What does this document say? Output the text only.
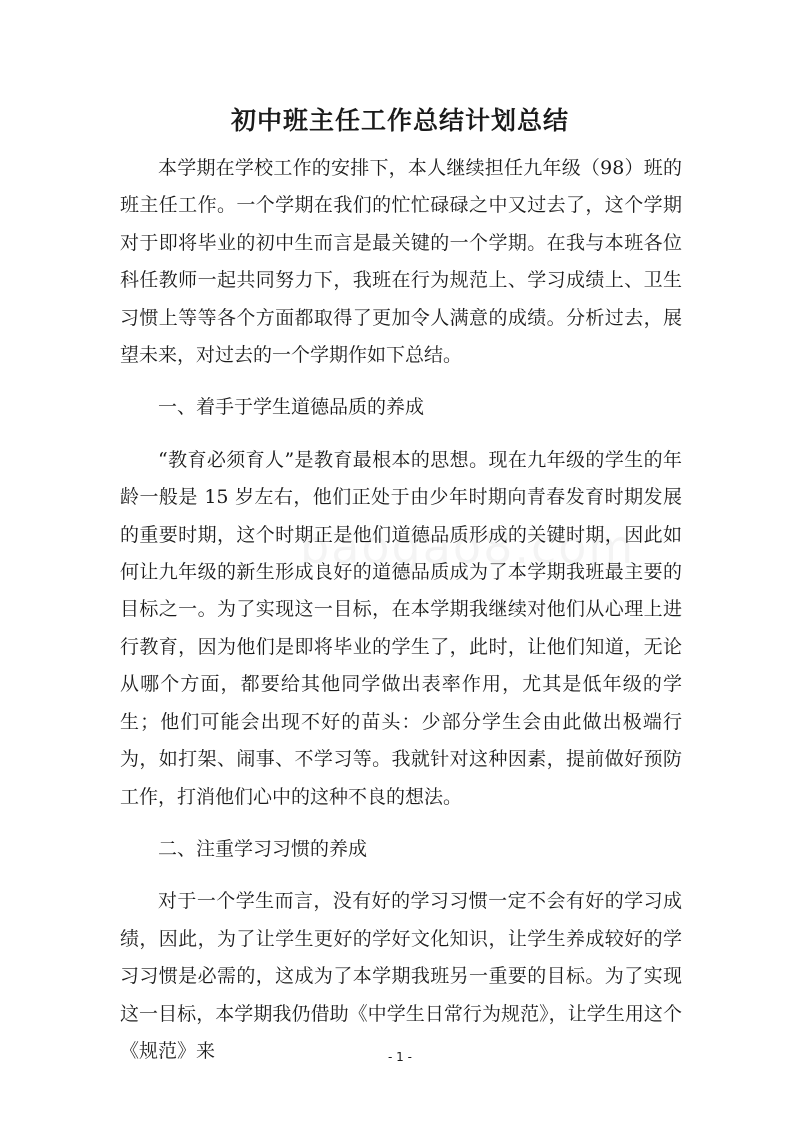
初中班主任工作总结计划总结

本学期在学校工作的安排下，本人继续担任九年级（98）班的班主任工作。一个学期在我们的忙忙碌碌之中又过去了，这个学期对于即将毕业的初中生而言是最关键的一个学期。在我与本班各位科任教师一起共同努力下，我班在行为规范上、学习成绩上、卫生习惯上等等各个方面都取得了更加令人满意的成绩。分析过去，展望未来，对过去的一个学期作如下总结。

一、着手于学生道德品质的养成

“教育必须育人”是教育最根本的思想。现在九年级的学生的年龄一般是 15 岁左右，他们正处于由少年时期向青春发育时期发展的重要时期，这个时期正是他们道德品质形成的关键时期，因此如何让九年级的新生形成良好的道德品质成为了本学期我班最主要的目标之一。为了实现这一目标，在本学期我继续对他们从心理上进行教育，因为他们是即将毕业的学生了，此时，让他们知道，无论从哪个方面，都要给其他同学做出表率作用，尤其是低年级的学生；他们可能会出现不好的苗头：少部分学生会由此做出极端行为，如打架、闹事、不学习等。我就针对这种因素，提前做好预防工作，打消他们心中的这种不良的想法。

二、注重学习习惯的养成

对于一个学生而言，没有好的学习习惯一定不会有好的学习成绩，因此，为了让学生更好的学好文化知识，让学生养成较好的学习习惯是必需的，这成为了本学期我班另一重要的目标。为了实现这一目标，本学期我仍借助《中学生日常行为规范》，让学生用这个《规范》来	- 1 -
